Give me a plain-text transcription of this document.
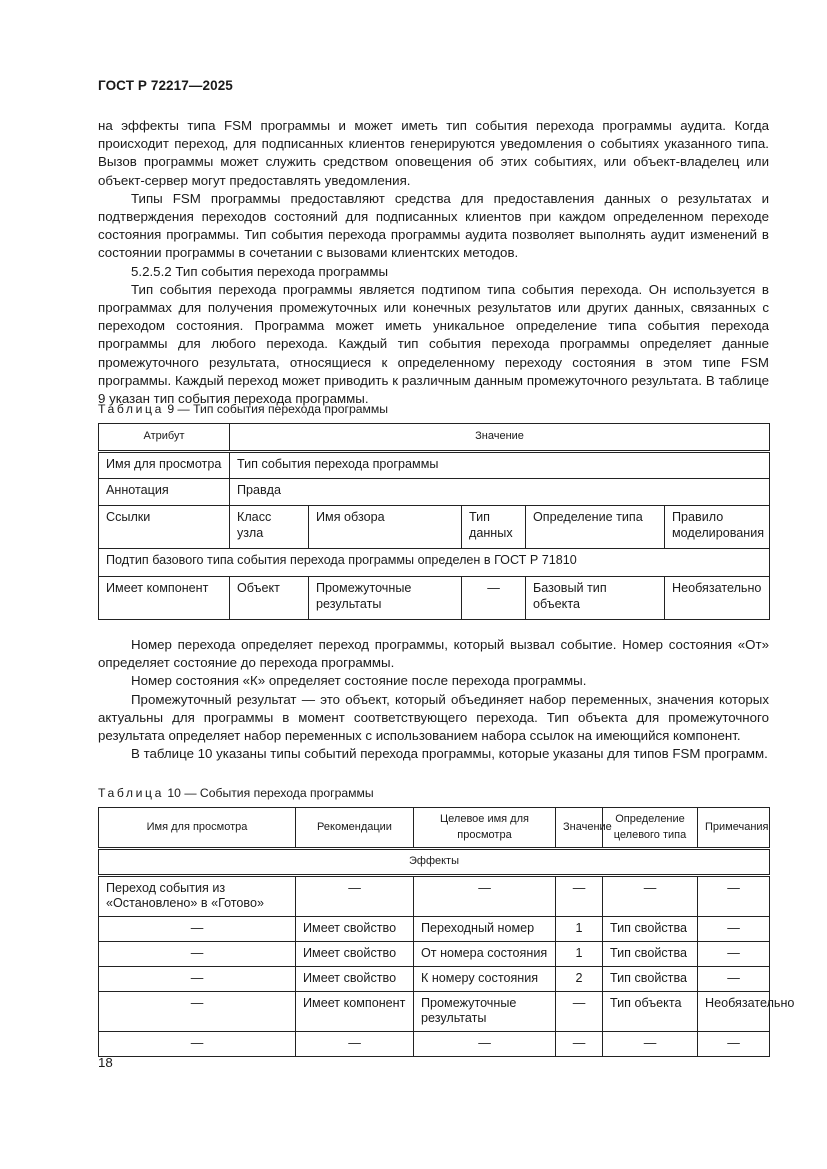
ГОСТ Р 72217—2025

на эффекты типа FSM программы и может иметь тип события перехода программы аудита. Когда происходит переход, для подписанных клиентов генерируются уведомления о событиях указанного типа. Вызов программы может служить средством оповещения об этих событиях, или объект-владелец или объект-сервер могут предоставлять уведомления.

Типы FSM программы предоставляют средства для предоставления данных о результатах и подтверждения переходов состояний для подписанных клиентов при каждом определенном переходе состояния программы. Тип события перехода программы аудита позволяет выполнять аудит изменений в состоянии программы в сочетании с вызовами клиентских методов.

5.2.5.2 Тип события перехода программы

Тип события перехода программы является подтипом типа события перехода. Он используется в программах для получения промежуточных или конечных результатов или других данных, связанных с переходом состояния. Программа может иметь уникальное определение типа события перехода программы для любого перехода. Каждый тип события перехода программы определяет данные промежуточного результата, относящиеся к определенному переходу состояния в этом типе FSM программы. Каждый переход может приводить к различным данным промежуточного результата. В таблице 9 указан тип события перехода программы.

Таблица 9 — Тип события перехода программы
Атрибут	Значение				
Имя для просмотра	Тип события перехода программы				
Аннотация	Правда				
Ссылки	Класс узла	Имя обзора	Тип данных	Определение типа	Правило моделирования
Подтип базового типа события перехода программы определен в ГОСТ Р 71810					
Имеет компонент	Объект	Промежуточные результаты	—	Базовый тип объекта	Необязательно

Номер перехода определяет переход программы, который вызвал событие. Номер состояния «От» определяет состояние до перехода программы.

Номер состояния «К» определяет состояние после перехода программы.

Промежуточный результат — это объект, который объединяет набор переменных, значения которых актуальны для программы в момент соответствующего перехода. Тип объекта для промежуточного результата определяет набор переменных с использованием набора ссылок на имеющийся компонент.

В таблице 10 указаны типы событий перехода программы, которые указаны для типов FSM программ.

Таблица 10 — События перехода программы
Имя для просмотра	Рекомендации	Целевое имя для просмотра	Значение	Определение целевого типа	Примечания
Эффекты					
Переход события из «Остановлено» в «Готово»	—	—	—	—	—
—	Имеет свойство	Переходный номер	1	Тип свойства	—
—	Имеет свойство	От номера состояния	1	Тип свойства	—
—	Имеет свойство	К номеру состояния	2	Тип свойства	—
—	Имеет компонент	Промежуточные результаты	—	Тип объекта	Необязательно
—	—	—	—	—	—
18
